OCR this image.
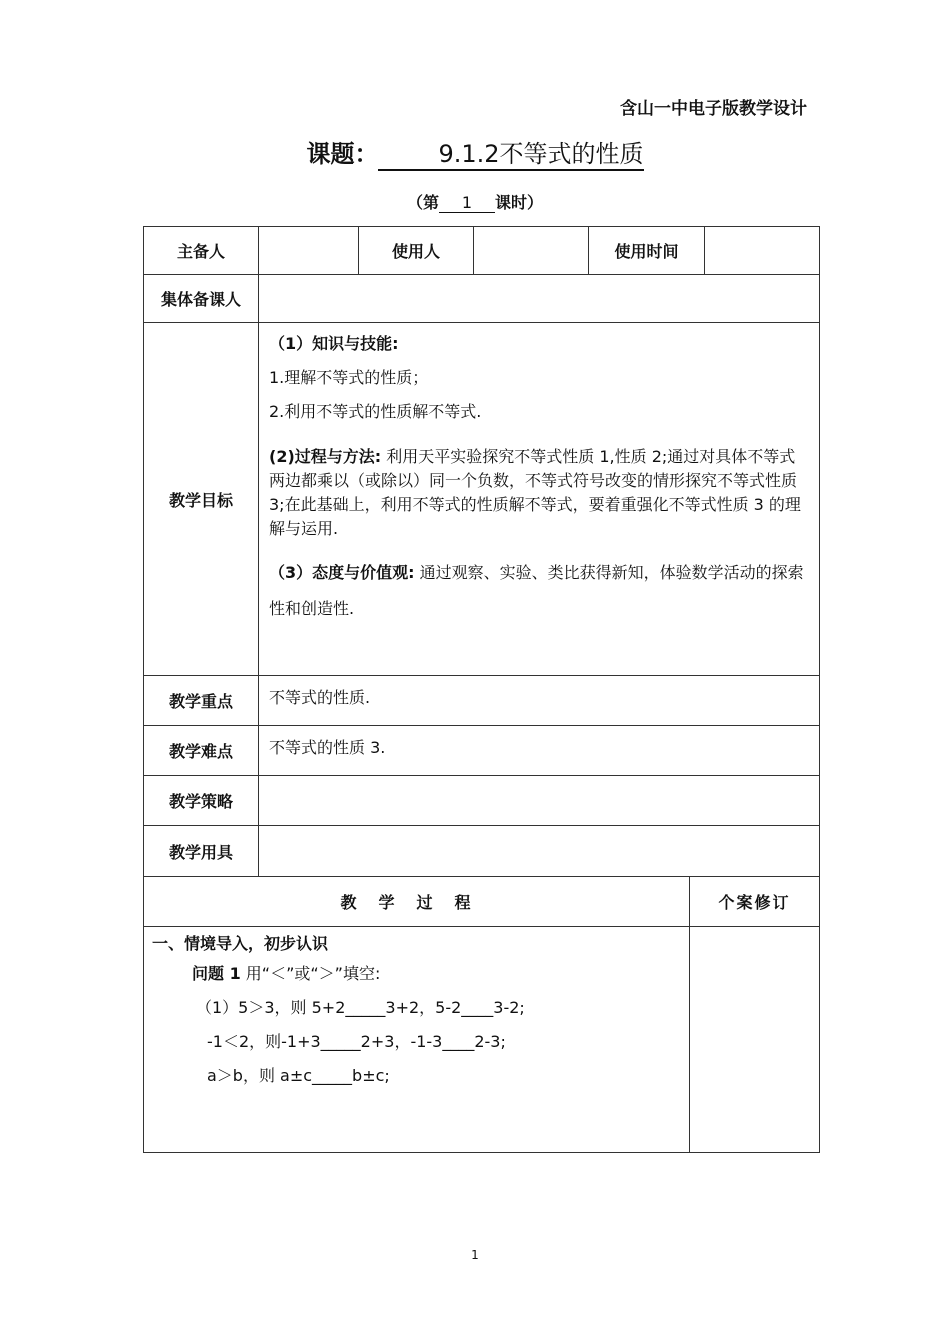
含山一中电子版教学设计
课题：	9.1.2不等式的性质
（第 1 课时）
主备人		使用人		使用时间		
集体备课人						
教学目标	（1）知识与技能:

1.理解不等式的性质；

2.利用不等式的性质解不等式.

(2)过程与方法: 利用天平实验探究不等式性质 1,性质 2;通过对具体不等式两边都乘以（或除以）同一个负数，不等式符号改变的情形探究不等式性质 3;在此基础上，利用不等式的性质解不等式，要着重强化不等式性质 3 的理解与运用.

（3）态度与价值观: 通过观察、实验、类比获得新知，体验数学活动的探索性和创造性.					

教学重点	不等式的性质.					
教学难点	不等式的性质 3.					
教学策略						
教学用具						
教学过程					个案修订	

一、情境导入，初步认识

问题 1 用“＜”或“＞”填空:

（1）5＞3，则 5+2_____3+2，5-2____3-2;

-1＜2，则-1+3_____2+3，-1-3____2-3;

a＞b，则 a±c_____b±c;						

1
